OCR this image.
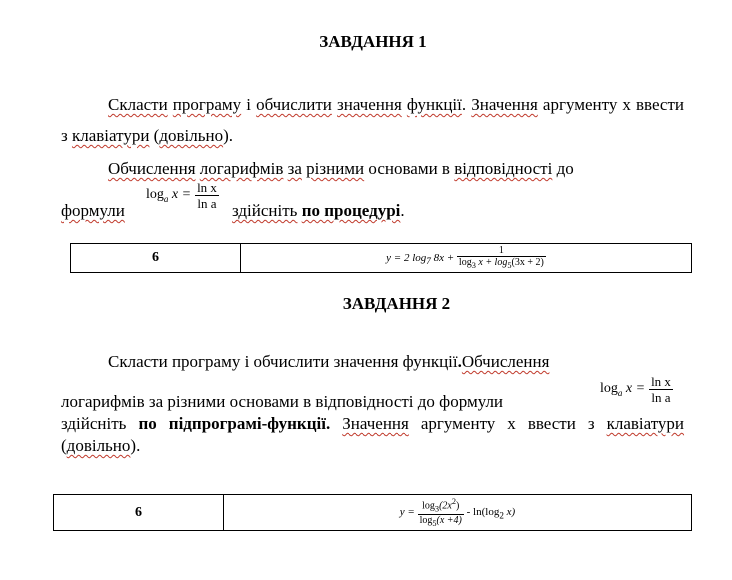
ЗАВДАННЯ 1
Скласти програму і обчислити значення функції. Значення аргументу х ввести з клавіатури (довільно).
Обчислення логарифмів за різними основами в відповідності до
формули
$\log_a x = \frac{\text{ln x}}{\text{ln a}}$ здійсніть по процедурі.
6	y = 2 $\log_7 8x + \frac{1}{\log_3 x + \log_5(3x + 2)}$
ЗАВДАННЯ 2
Скласти програму і обчислити значення функції.Обчислення
логарифмів за різними основами в відповідності до формули
$\log_a x = \frac{\text{ln x}}{\text{ln a}}$
здійсніть по підпрограмі-функції. Значення аргументу х ввести з клавіатури (довільно).
6	$y = \frac{\log_3(2x^2)}{\log_5(x +4)} - \ln(\log_2$ x)
